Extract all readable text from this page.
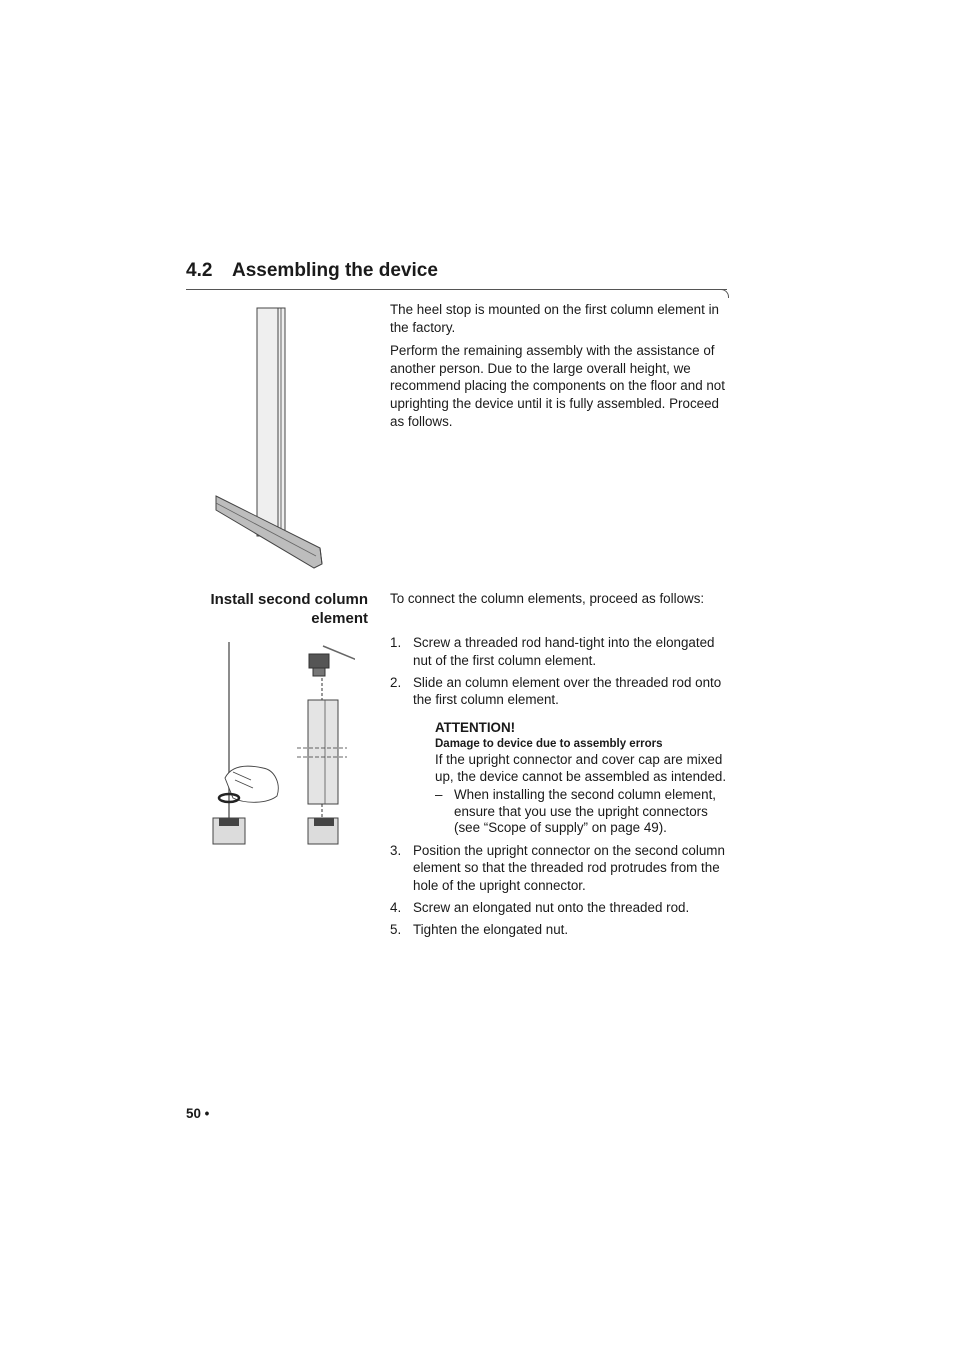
4.2 Assembling the device

The heel stop is mounted on the first column element in the factory.

Perform the remaining assembly with the assistance of another person. Due to the large overall height, we recommend placing the components on the floor and not uprighting the device until it is fully assembled. Proceed as follows.

Install second column element
To connect the column elements, proceed as follows:
1. Screw a threaded rod hand-tight into the elongated nut of the first column element.
2. Slide an column element over the threaded rod onto the first column element.
ATTENTION!
Damage to device due to assembly errors
If the upright connector and cover cap are mixed up, the device cannot be assembled as intended.
– When installing the second column element, ensure that you use the upright connectors (see “Scope of supply” on page 49).
3. Position the upright connector on the second column element so that the threaded rod protrudes from the hole of the upright connector.
4. Screw an elongated nut onto the threaded rod.
5. Tighten the elongated nut.
50 •
